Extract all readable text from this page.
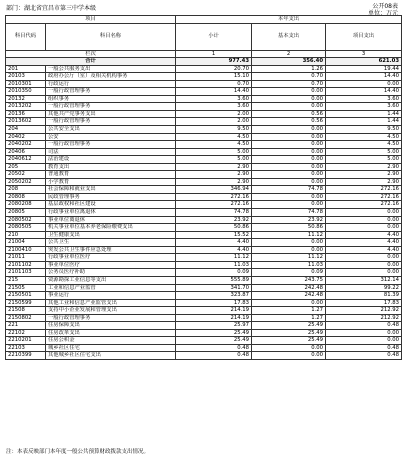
部门：湖北省宜昌市第三中学本级	公开08表
单位：万元
项目		本年支出		
科目代码	科目名称	小计	基本支出	项目支出
栏次		1	2	3
合计		977.43	356.40	621.03
201	一般公共服务支出	20.70	1.26	19.44
20103	政府办公厅（室）及相关机构事务	15.10	0.70	14.40
2010301	行政运行	0.70	0.70	0.00
2010350	一般行政管理事务	14.40	0.00	14.40
20132	组织事务	3.60	0.00	3.60
2013202	一般行政管理事务	3.60	0.00	3.60
20136	其他共产党事务支出	2.00	0.56	1.44
2013602	一般行政管理事务	2.00	0.56	1.44
204	公共安全支出	9.50	0.00	9.50
20402	公安	4.50	0.00	4.50
2040202	一般行政管理事务	4.50	0.00	4.50
20406	司法	5.00	0.00	5.00
2040612	法治建设	5.00	0.00	5.00
205	教育支出	2.90	0.00	2.90
20502	普通教育	2.90	0.00	2.90
2050202	小学教育	2.90	0.00	2.90
208	社会保障和就业支出	346.94	74.78	272.16
20808	民政管理事务	272.16	0.00	272.16
2080208	基层政权和社区建设	272.16	0.00	272.16
20805	行政事业单位离退休	74.78	74.78	0.00
2080502	事业单位离退休	23.92	23.92	0.00
2080505	机关事业单位基本养老保险缴费支出	50.86	50.86	0.00
210	卫生健康支出	15.52	11.12	4.40
21004	公共卫生	4.40	0.00	4.40
2100410	突发公共卫生事件应急处理	4.40	0.00	4.40
21011	行政事业单位医疗	11.12	11.12	0.00
2101102	事业单位医疗	11.03	11.03	0.00
2101103	公务员医疗补助	0.09	0.09	0.00
215	资源勘探工业信息等支出	555.89	243.75	312.14
21505	工业和信息产业监管	341.70	242.48	99.22
2150501	事业运行	323.87	242.48	81.39
2150599	其他工业和信息产业监管支出	17.83	0.00	17.83
21508	支持中小企业发展和管理支出	214.19	1.27	212.92
2150802	一般行政管理事务	214.19	1.27	212.92
221	住房保障支出	25.97	25.49	0.48
22102	住房改革支出	25.49	25.49	0.00
2210201	住房公积金	25.49	25.49	0.00
22103	城乡社区住宅	0.48	0.00	0.48
2210399	其他城乡社区住宅支出	0.48	0.00	0.48
注：本表反映部门本年度一般公共预算财政拨款支出情况。
